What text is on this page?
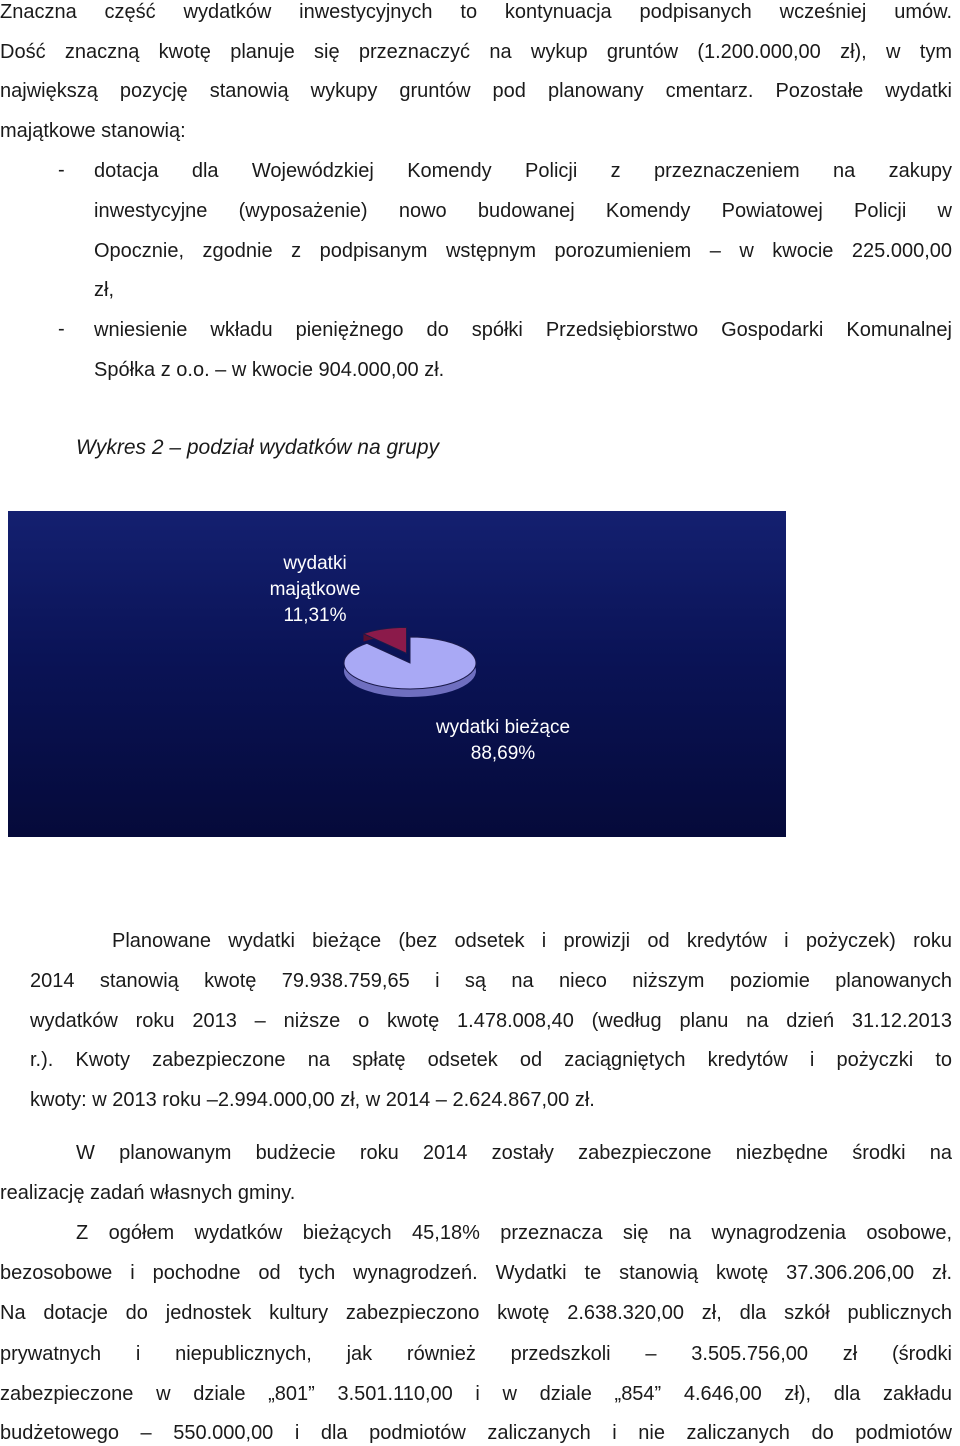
Znaczna część wydatków inwestycyjnych to kontynuacja podpisanych wcześniej umów.
Dość znaczną kwotę planuje się przeznaczyć na wykup gruntów (1.200.000,00 zł), w tym
największą pozycję stanowią wykupy gruntów pod planowany cmentarz. Pozostałe wydatki
majątkowe stanowią:
- dotacja dla Wojewódzkiej Komendy Policji z przeznaczeniem na zakupy
inwestycyjne (wyposażenie) nowo budowanej Komendy Powiatowej Policji w
Opocznie, zgodnie z podpisanym wstępnym porozumieniem – w kwocie 225.000,00
zł,
- wniesienie wkładu pieniężnego do spółki Przedsiębiorstwo Gospodarki Komunalnej
Spółka z o.o. – w kwocie 904.000,00 zł.
Wykres 2 – podział wydatków na grupy
wydatki
majątkowe
11,31%
wydatki bieżące
88,69%
Planowane wydatki bieżące (bez odsetek i prowizji od kredytów i pożyczek) roku
2014 stanowią kwotę 79.938.759,65 i są na nieco niższym poziomie planowanych
wydatków roku 2013 – niższe o kwotę 1.478.008,40 (według planu na dzień 31.12.2013
r.). Kwoty zabezpieczone na spłatę odsetek od zaciągniętych kredytów i pożyczki to
kwoty: w 2013 roku –2.994.000,00 zł, w 2014 – 2.624.867,00 zł.
W planowanym budżecie roku 2014 zostały zabezpieczone niezbędne środki na
realizację zadań własnych gminy.
Z ogółem wydatków bieżących 45,18% przeznacza się na wynagrodzenia osobowe,
bezosobowe i pochodne od tych wynagrodzeń. Wydatki te stanowią kwotę 37.306.206,00 zł.
Na dotacje do jednostek kultury zabezpieczono kwotę 2.638.320,00 zł, dla szkół publicznych
prywatnych i niepublicznych, jak również przedszkoli – 3.505.756,00 zł (środki
zabezpieczone w dziale „801” 3.501.110,00 i w dziale „854” 4.646,00 zł), dla zakładu
budżetowego – 550.000,00 i dla podmiotów zaliczanych i nie zaliczanych do podmiotów
